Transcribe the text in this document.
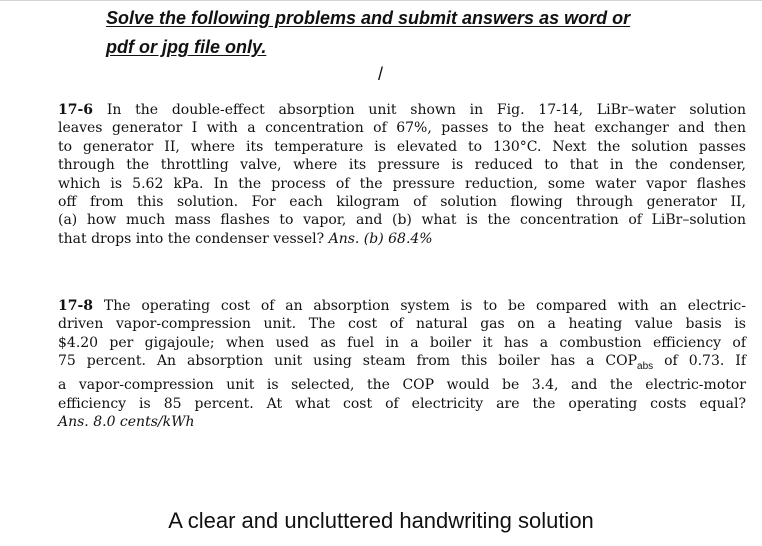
Solve the following problems and submit answers as word or
pdf or jpg file only.
/
17-6 In the double-effect absorption unit shown in Fig. 17-14, LiBr–water solution
leaves generator I with a concentration of 67%, passes to the heat exchanger and then
to generator II, where its temperature is elevated to 130°C. Next the solution passes
through the throttling valve, where its pressure is reduced to that in the condenser,
which is 5.62 kPa. In the process of the pressure reduction, some water vapor flashes
off from this solution. For each kilogram of solution flowing through generator II,
(a) how much mass flashes to vapor, and (b) what is the concentration of LiBr–solution
that drops into the condenser vessel? Ans. (b) 68.4%
17-8 The operating cost of an absorption system is to be compared with an electric-
driven vapor-compression unit. The cost of natural gas on a heating value basis is
$4.20 per gigajoule; when used as fuel in a boiler it has a combustion efficiency of
75 percent. An absorption unit using steam from this boiler has a $COP_{abs}$ of 0.73. If
a vapor-compression unit is selected, the COP would be 3.4, and the electric-motor
efficiency is 85 percent. At what cost of electricity are the operating costs equal?
Ans. 8.0 cents/kWh
A clear and uncluttered handwriting solution
